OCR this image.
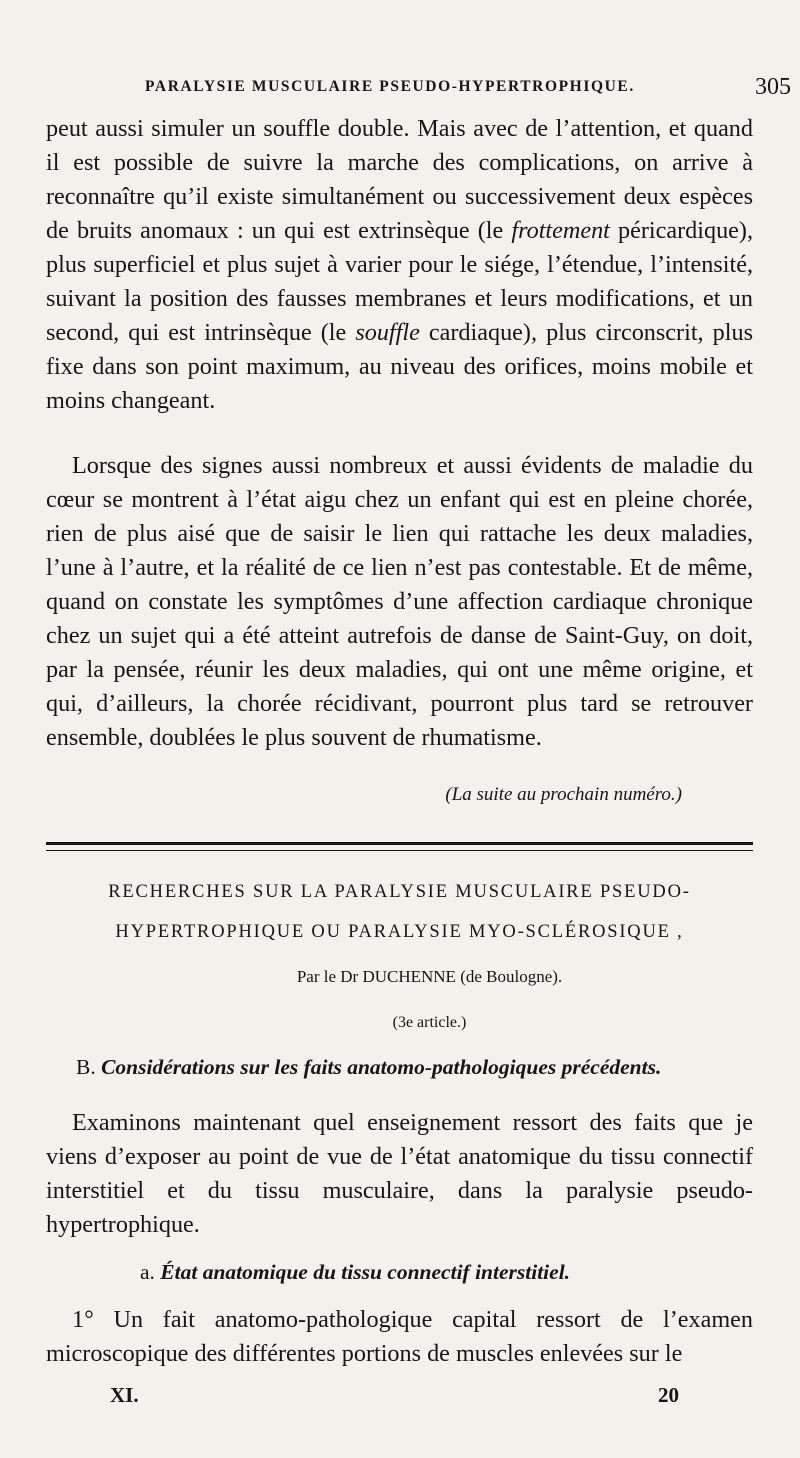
PARALYSIE MUSCULAIRE PSEUDO-HYPERTROPHIQUE.	305

peut aussi simuler un souffle double. Mais avec de l’attention, et quand il est possible de suivre la marche des complications, on arrive à reconnaître qu’il existe simultanément ou successivement deux espèces de bruits anomaux : un qui est extrinsèque (le frottement péricardique), plus superficiel et plus sujet à varier pour le siége, l’étendue, l’intensité, suivant la position des fausses membranes et leurs modifications, et un second, qui est intrinsèque (le souffle cardiaque), plus circonscrit, plus fixe dans son point maximum, au niveau des orifices, moins mobile et moins changeant.

Lorsque des signes aussi nombreux et aussi évidents de maladie du cœur se montrent à l’état aigu chez un enfant qui est en pleine chorée, rien de plus aisé que de saisir le lien qui rattache les deux maladies, l’une à l’autre, et la réalité de ce lien n’est pas contestable. Et de même, quand on constate les symptômes d’une affection cardiaque chronique chez un sujet qui a été atteint autrefois de danse de Saint-Guy, on doit, par la pensée, réunir les deux maladies, qui ont une même origine, et qui, d’ailleurs, la chorée récidivant, pourront plus tard se retrouver ensemble, doublées le plus souvent de rhumatisme.

(La suite au prochain numéro.)
RECHERCHES SUR LA PARALYSIE MUSCULAIRE PSEUDO-
HYPERTROPHIQUE OU PARALYSIE MYO-SCLÉROSIQUE ,
Par le Dr DUCHENNE (de Boulogne).
(3e article.)
B. Considérations sur les faits anatomo-pathologiques précédents.

Examinons maintenant quel enseignement ressort des faits que je viens d’exposer au point de vue de l’état anatomique du tissu connectif interstitiel et du tissu musculaire, dans la paralysie pseudo-hypertrophique.

a. État anatomique du tissu connectif interstitiel.

1° Un fait anatomo-pathologique capital ressort de l’examen microscopique des différentes portions de muscles enlevées sur le

XI.	20
